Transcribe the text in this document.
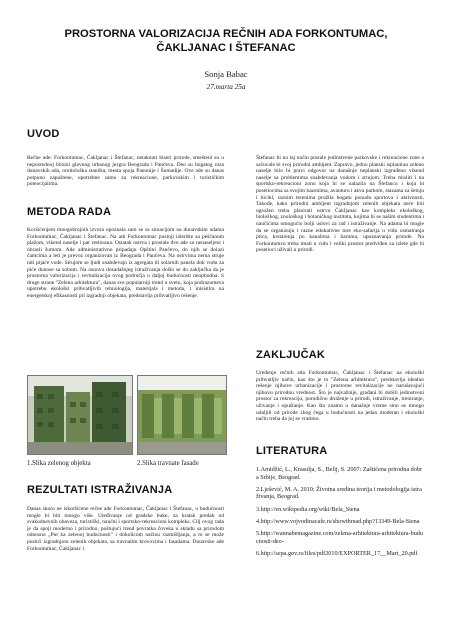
PROSTORNA VALORIZACIJA REČNIH ADA FORKONTUMAC, ČAKLJANAC I ŠTEFANAC

Sonja Babac

27.marta 25a

UVOD

Rečne ade: Forkontumac, Čakljanac i Štefanac, netaknuti biseri prirode, smešteni su u neposrednoj blizini glavnog urbanog jezgra Beograda i Pančeva. Deo su bogatog niza dunavskih ada, ornitološka staništa, mesta spoja Panonije i Šumadije. Ove ade su danas potpuno zapuštene, upotrebne samo za rekreacione, parkovskim i turističkim potencijalima.

METODA RADA

Korišćenjem mnogobrojnih izvora upoznala sam se sa situacijom na dunavskim adama Forkontumac, Čakljanac i Štefanac. Na adi Forkontumac postoji izletište sa peščanom plažom, vikend naselje i par restorana. Ostatak ostrva i prostale dve ade su nenaseljeni i obrasli šumom. Ade administrativno pripadaju Opštini Pančevo, do njih se dolazi čamcima a leti je prevoz organizovan iz Beograda i Pančeva. Na ostrvima nema struje niti pijaće vode. Strujom se ljudi snabdevaju iz agregata ili solarnih panela dok vodu za piće donose sa sobom. Na osnovu dosadašnjeg istraživanja došlo se do zaključka da je prostorna valorizacija i revitalizacija ovog područja u daljoj budućnosti neophodna. S druge strane "Zelena arhitektura", danas sve popularniji trend u svetu, koja podrazumeva upotrebu ekološki prihvatljivih tehnologija, materijala i metoda, i inisistira na energetskoj efikasnosti pri izgradnji objekata, predstavlja prihvatljivo rešenje.

1.Slika zelenog objekta	2.Slika travnate fasade

REZULTATI ISTRAŽIVANJA

Danas skoro ne iskorišćene rečne ade Forkontumac, Čakljanac i Štefanac, u budućnosti mogle bi biti mnogo više. Uteđivanje od gradske buke, za kratak predah od svakodnevnih obaveza, turistički, naučni i sportsko-rekreacioni kompleks. Cilj ovog rada je da spoji moderno i prirodno, poštujući trend povratka čoveka u skladu sa prirodom odnosno „Put ka zelenoj budućnosti" i dokolicom načinu razmišljanja, a to se može postići izgradnjom zelenih objekata, sa travnatim krovovima i fasadama. Dunavske ade Forkontumac, Čakljanac i

Štefanac bi na taj način postale jedinstvene parkovske i rekreacione zone a sačuvale bi svoj prirodni ambijent. Zapravo, jedno planski isplaniran zeleno naselje bilo bi pravi odgovor na današnje neplanski izgrađeno vikend naselje sa problemima snabdevanja vodom i strujom. Treba misliti i na sportsko-rekreacioni zonu koja bi se nalazila na Štefancu i koja bi posetiocima sa svojim bazenima, avanturu i akva parkom, stazama za šetnju i bicikl, raznim terenima pružila bogatu ponudu sportova i aktivnosti. Takođe, kako prirodni ambijent izgradnjom zelenih objekata neće biti ugrožen treba planirati ostrvo Čakljanac kao kompleks ekološkog, biološkog, zoološkog i botaničkog instituta, kojima bi se našim studentima i naučicima omogućio bolji uslovi za rad i istraživanje. Na adama bi mogle da se organizuju i razne edukativne ture eko-safarija u vidu osmatranja ptica, krstarenja po kanalima i baruma, upoznavanja prirode. Na Forkontumcu treba imati u vidu i veliki prostor predviđen za izlete gde bi posetioci uživali u prirodi.

ZAKLJUČAK

Uređenje rečnih ada Forkontumac, Čakljanac i Štefanac na ekološki prihvatljiv način, kao što je to "Zelena arhitektura", predstavlja idealno rešenje njihove urbanizacije i prostorne revitalizacije ne narušavajući njihovu prirodnu vrednost. Što je najvažnije, građani bi dobili jedinstveni prostor za rekreaciju, porodično druženje u prirodi, istraživanje, treniranje, uživanje i opuštanje. Kao što znamo u današnje vreme smo se mnogo udaljili od prirode zbog čega u budućnosti na jedan moderan i ekološki način treba da joj se vratimo.

LITERATURA
1.Amidžić, L., Krasulja, S., Belij, S. 2007: Zaštićena prirodna dobra Srbije, Beograd.
2.Lješević, M. A. 2010: Životna sredina teorija i metodologija istraživanja, Beograd.
3.http://en.wikipedia.org/wiki/Bela_Stena
4.http://www.vojvodinacafe.rs/showthread.php?13349-Bela-Stena
5.http://wannabemagazine.com/zelena-arhitektura-arhitektura-buducnosti-deo-
6.http://sepa.gov.rs/files/pdf2010/EXPORTER_17__Mart_20.pdf
